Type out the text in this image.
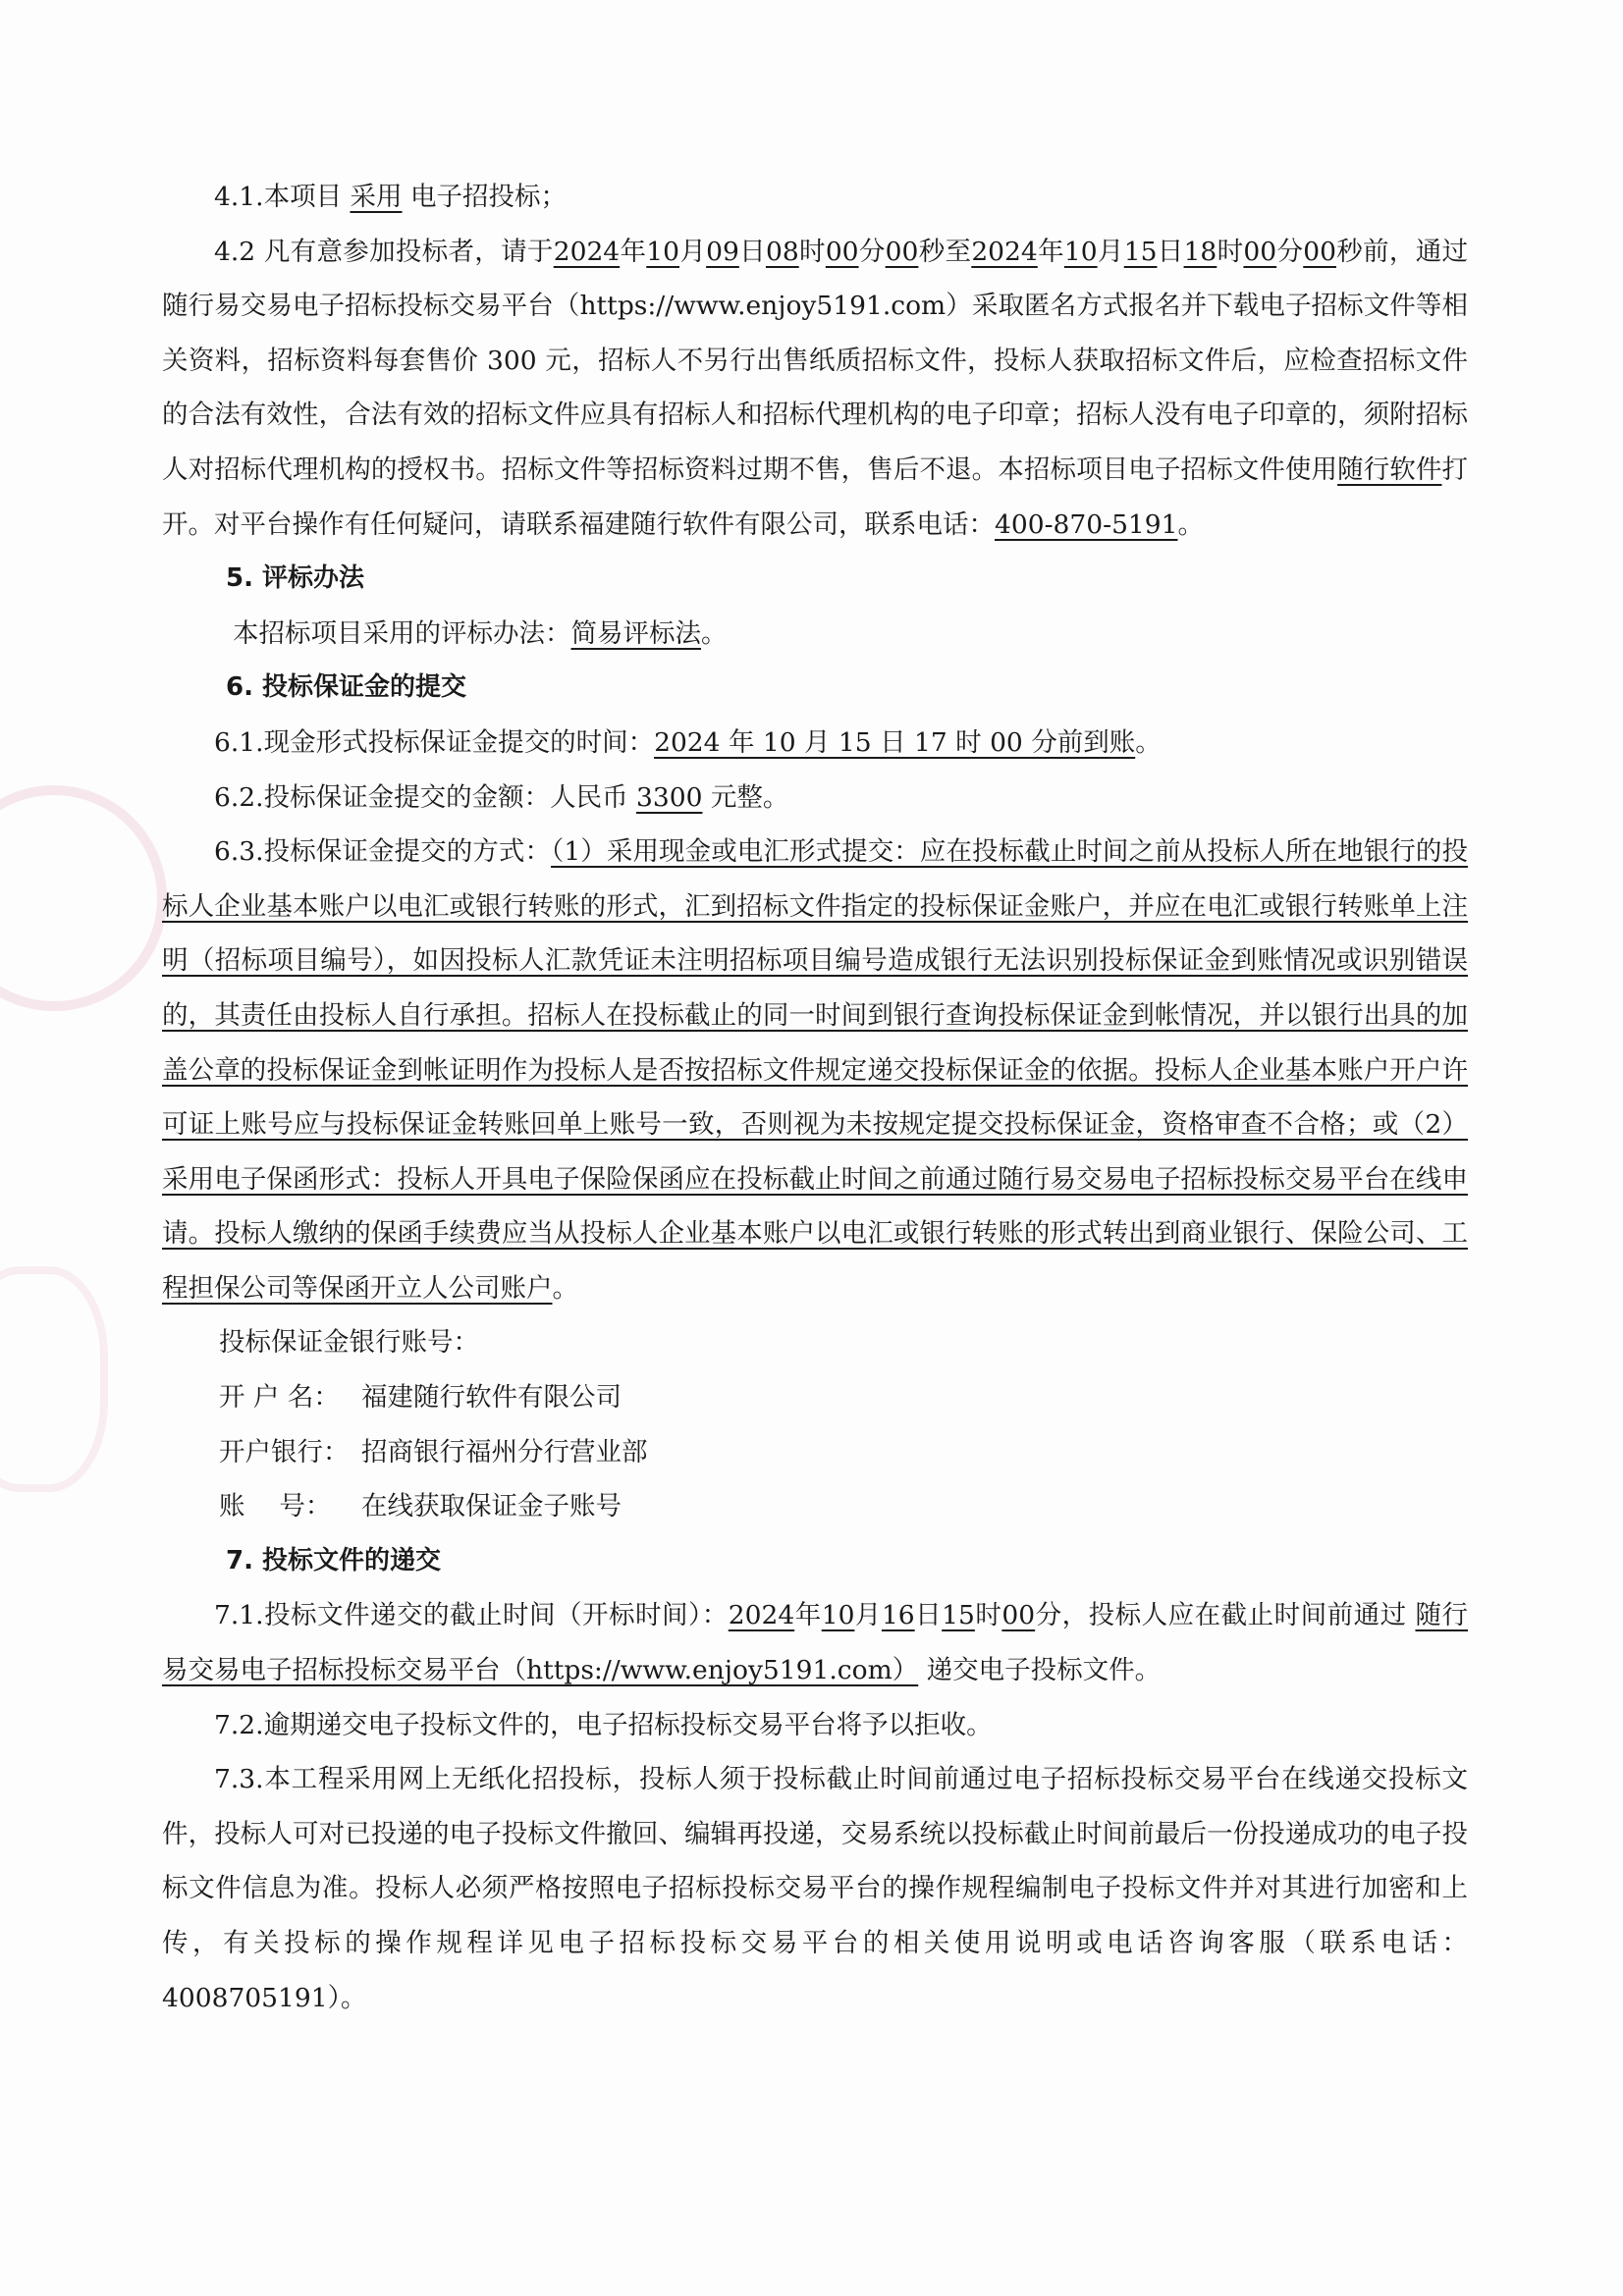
4.1.本项目 采用 电子招投标；

4.2 凡有意参加投标者，请于2024年10月09日08时00分00秒至2024年10月15日18时00分00秒前，通过随行易交易电子招标投标交易平台（https://www.enjoy5191.com）采取匿名方式报名并下载电子招标文件等相关资料，招标资料每套售价 300 元，招标人不另行出售纸质招标文件，投标人获取招标文件后，应检查招标文件的合法有效性，合法有效的招标文件应具有招标人和招标代理机构的电子印章；招标人没有电子印章的，须附招标人对招标代理机构的授权书。招标文件等招标资料过期不售，售后不退。本招标项目电子招标文件使用随行软件打开。对平台操作有任何疑问，请联系福建随行软件有限公司，联系电话：400-870-5191。

5. 评标办法

本招标项目采用的评标办法：简易评标法。

6. 投标保证金的提交

6.1.现金形式投标保证金提交的时间：2024 年 10 月 15 日 17 时 00 分前到账。

6.2.投标保证金提交的金额：人民币 3300 元整。

6.3.投标保证金提交的方式：（1）采用现金或电汇形式提交：应在投标截止时间之前从投标人所在地银行的投标人企业基本账户以电汇或银行转账的形式，汇到招标文件指定的投标保证金账户，并应在电汇或银行转账单上注明（招标项目编号），如因投标人汇款凭证未注明招标项目编号造成银行无法识别投标保证金到账情况或识别错误的，其责任由投标人自行承担。招标人在投标截止的同一时间到银行查询投标保证金到帐情况，并以银行出具的加盖公章的投标保证金到帐证明作为投标人是否按招标文件规定递交投标保证金的依据。投标人企业基本账户开户许可证上账号应与投标保证金转账回单上账号一致，否则视为未按规定提交投标保证金，资格审查不合格；或（2）采用电子保函形式：投标人开具电子保险保函应在投标截止时间之前通过随行易交易电子招标投标交易平台在线申请。投标人缴纳的保函手续费应当从投标人企业基本账户以电汇或银行转账的形式转出到商业银行、保险公司、工程担保公司等保函开立人公司账户。

投标保证金银行账号：

开 户 名： 福建随行软件有限公司

开户银行： 招商银行福州分行营业部

账　 号： 在线获取保证金子账号

7. 投标文件的递交

7.1.投标文件递交的截止时间（开标时间）：2024年10月16日15时00分，投标人应在截止时间前通过 随行易交易电子招标投标交易平台（https://www.enjoy5191.com） 递交电子投标文件。

7.2.逾期递交电子投标文件的，电子招标投标交易平台将予以拒收。

7.3.本工程采用网上无纸化招投标，投标人须于投标截止时间前通过电子招标投标交易平台在线递交投标文件，投标人可对已投递的电子投标文件撤回、编辑再投递，交易系统以投标截止时间前最后一份投递成功的电子投标文件信息为准。投标人必须严格按照电子招标投标交易平台的操作规程编制电子投标文件并对其进行加密和上传，有关投标的操作规程详见电子招标投标交易平台的相关使用说明或电话咨询客服（联系电话：4008705191）。
